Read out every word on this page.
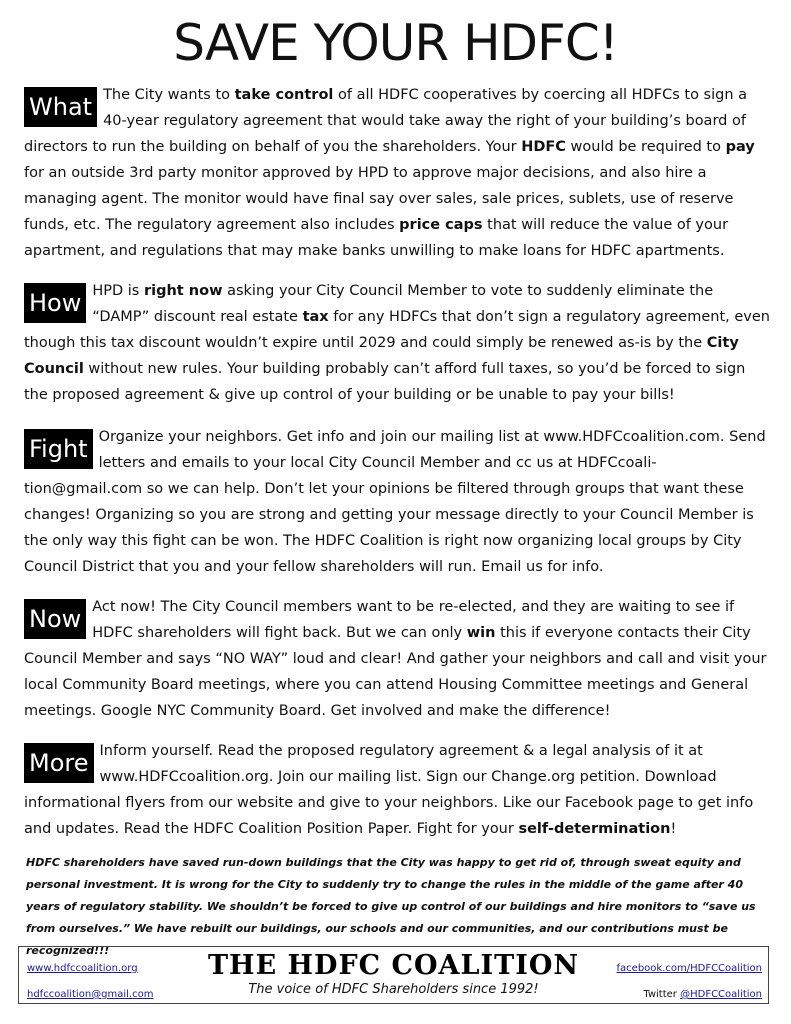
SAVE YOUR HDFC!
What The City wants to take control of all HDFC cooperatives by coercing all HDFCs to sign a 40-year regulatory agreement that would take away the right of your building’s board of directors to run the building on behalf of you the shareholders. Your HDFC would be required to pay for an outside 3rd party monitor approved by HPD to approve major decisions, and also hire a managing agent. The monitor would have final say over sales, sale prices, sublets, use of reserve funds, etc. The regulatory agreement also includes price caps that will reduce the value of your apartment, and regulations that may make banks unwilling to make loans for HDFC apartments.

How HPD is right now asking your City Council Member to vote to suddenly eliminate the “DAMP” discount real estate tax for any HDFCs that don’t sign a regulatory agreement, even though this tax discount wouldn’t expire until 2029 and could simply be renewed as-is by the City Council without new rules. Your building probably can’t afford full taxes, so you’d be forced to sign the proposed agreement & give up control of your building or be unable to pay your bills!

Fight Organize your neighbors. Get info and join our mailing list at www.HDFCcoalition.com. Send letters and emails to your local City Council Member and cc us at HDFCcoali-tion@gmail.com so we can help. Don’t let your opinions be filtered through groups that want these changes! Organizing so you are strong and getting your message directly to your Council Member is the only way this fight can be won. The HDFC Coalition is right now organizing local groups by City Council District that you and your fellow shareholders will run. Email us for info.

Now Act now! The City Council members want to be re-elected, and they are waiting to see if HDFC shareholders will fight back. But we can only win this if everyone contacts their City Council Member and says “NO WAY” loud and clear! And gather your neighbors and call and visit your local Community Board meetings, where you can attend Housing Committee meetings and General meetings. Google NYC Community Board. Get involved and make the difference!

More Inform yourself. Read the proposed regulatory agreement & a legal analysis of it at www.HDFCcoalition.org. Join our mailing list. Sign our Change.org petition. Download informational flyers from our website and give to your neighbors. Like our Facebook page to get info and updates. Read the HDFC Coalition Position Paper. Fight for your self-determination!

HDFC shareholders have saved run-down buildings that the City was happy to get rid of, through sweat equity and personal investment. It is wrong for the City to suddenly try to change the rules in the middle of the game after 40 years of regulatory stability. We shouldn’t be forced to give up control of our buildings and hire monitors to “save us from ourselves.” We have rebuilt our buildings, our schools and our communities, and our contributions must be recognized!!!

www.hdfccoalition.org
hdfccoalition@gmail.com
THE HDFC COALITION
The voice of HDFC Shareholders since 1992!
facebook.com/HDFCCoalition
Twitter @HDFCCoalition
